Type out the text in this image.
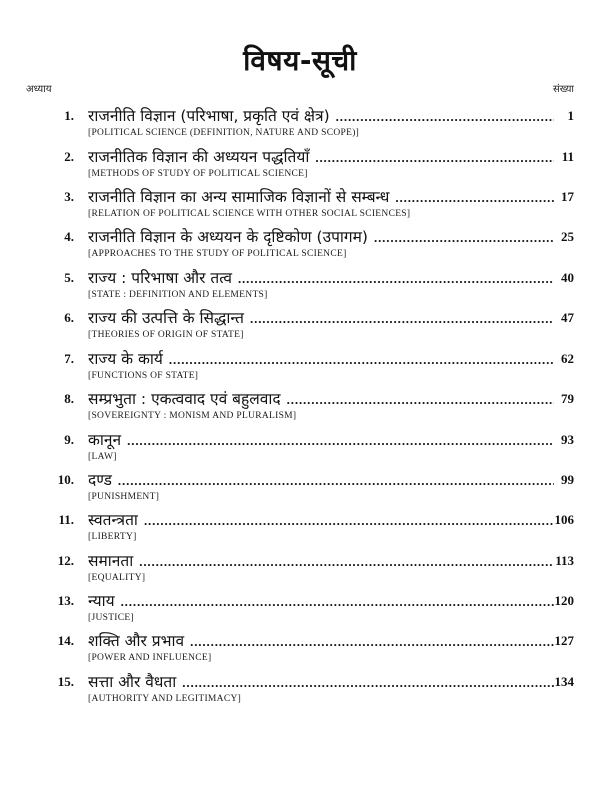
विषय-सूची
अध्याय	संख्या
1. राजनीति विज्ञान (परिभाषा, प्रकृति एवं क्षेत्र) . . .	1
[POLITICAL SCIENCE (DEFINITION, NATURE AND SCOPE)]
2. राजनीतिक विज्ञान की अध्ययन पद्धतियाँ . . .	11
[METHODS OF STUDY OF POLITICAL SCIENCE]
3. राजनीति विज्ञान का अन्य सामाजिक विज्ञानों से सम्बन्ध . . .	17
[RELATION OF POLITICAL SCIENCE WITH OTHER SOCIAL SCIENCES]
4. राजनीति विज्ञान के अध्ययन के दृष्टिकोण (उपागम) . . .	25
[APPROACHES TO THE STUDY OF POLITICAL SCIENCE]
5. राज्य : परिभाषा और तत्व . . .	40
[STATE : DEFINITION AND ELEMENTS]
6. राज्य की उत्पत्ति के सिद्धान्त . . .	47
[THEORIES OF ORIGIN OF STATE]
7. राज्य के कार्य . . .	62
[FUNCTIONS OF STATE]
8. सम्प्रभुता : एकत्ववाद एवं बहुलवाद . . .	79
[SOVEREIGNTY : MONISM AND PLURALISM]
9. कानून . . .	93
[LAW]
10. दण्ड . . .	99
[PUNISHMENT]
11. स्वतन्त्रता . . .	106
[LIBERTY]
12. समानता . . .	113
[EQUALITY]
13. न्याय . . .	120
[JUSTICE]
14. शक्ति और प्रभाव . . .	127
[POWER AND INFLUENCE]
15. सत्ता और वैधता . . .	134
[AUTHORITY AND LEGITIMACY]
